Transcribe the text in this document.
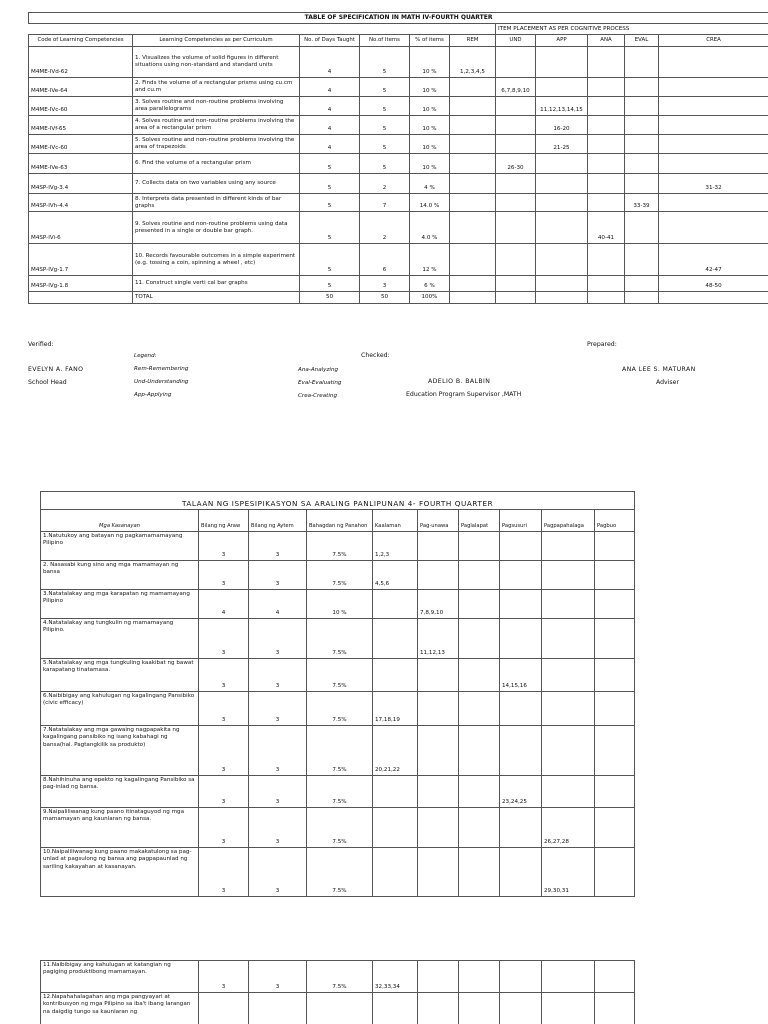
TABLE OF SPECIFICATION IN MATH IV-FOURTH QUARTER										
						ITEM PLACEMENT AS PER COGNITIVE PROCESS				
Code of Learning Competencies	Learning Competencies as per Curriculum	No. of Days Taught	No.of Items	% of items	REM	UND	APP	ANA	EVAL	CREA
M4ME-IVd-62	1. Visualizes the volume of solid figures in different situations using non-standard and standard units	4	5	10 %	1,2,3,4,5					
M4ME-IVe-64	2. Finds the volume of a rectangular prisms using cu.cm and cu.m	4	5	10 %		6,7,8,9,10				
M4ME-IVc-60	3. Solves routine and non-routine problems involving area parallelograms	4	5	10 %			11,12,13,14,15			
M4ME-IVf-65	4. Solves routine and non-routine problems involving the area of a rectangular prism	4	5	10 %			16-20			
M4ME-IVc-60	5. Solves routine and non-routine problems involving the area of trapezoids	4	5	10 %			21-25			
M4ME-IVe-63	6. Find the volume of a rectangular prism	5	5	10 %		26-30				
M4SP-IVg-3.4	7. Collects data on two variables using any source	5	2	4 %						31-32
M4SP-IVh-4.4	8. Interprets data presented in different kinds of bar graphs	5	7	14.0 %					33-39	
M4SP-IVi-6	9. Solves routine and non-routine problems using data presented in a single or double bar graph.	5	2	4.0 %				40-41		
M4SP-IVg-1.7	10. Records favourable outcomes in a simple experiment (e.g. tossing a coin, spinning a wheel , etc)	5	6	12 %						42-47
M4SP-IVg-1.8	11. Construct single verti cal bar graphs	5	3	6 %						48-50
	TOTAL	50	50	100%						
Verified:
Checked:
Prepared:
Legend:
Rem-Remembering
Und-Understanding
App-Applying
Ana-Analyzing
Eval-Evaluating
Crea-Creating
EVELYN A. FANO
School Head	ADELIO B. BALBIN
Education Program Supervisor ,MATH
ANA LEE S. MATURAN
Adviser
TALAAN NG ISPESIPIKASYON SA ARALING PANLIPUNAN 4- FOURTH QUARTER									
Mga Kasanayan	Bilang ng Araw	Bilang ng Aytem	Bahagdan ng Panahon	Kaalaman	Pag-unawa	Paglalapat	Pagsusuri	Pagpapahalaga	Pagbuo
1.Natutukoy ang batayan ng pagkamamamayang Pilipino	3	3	7.5%	1,2,3					
2. Nasasabi kung sino ang mga mamamayan ng bansa	3	3	7.5%	4,5,6					
3.Natatalakay ang mga karapatan ng mamamayang Pilipino	4	4	10 %		7,8,9,10				
4.Natatalakay ang tungkulin ng mamamayang Pilipino.	3	3	7.5%		11,12,13				
5.Natatalakay ang mga tungkuling kaakibat ng bawat karapatang tinatamasa.	3	3	7.5%				14,15,16		
6.Naibibigay ang kahulugan ng kagalingang Pansibiko (civic efficacy)	3	3	7.5%	17,18,19					
7.Natatalakay ang mga gawaing nagpapakita ng kagalingang pansibiko ng isang kabahagi ng bansa(hal. Pagtangkilik sa produkto)	3	3	7.5%	20,21,22					
8.Nahihinuha ang epekto ng kagalingang Pansibiko sa pag-inlad ng bansa.	3	3	7.5%				23,24,25		
9.Naipaliliwanag kung paano itinataguyod ng mga mamamayan ang kaunlaran ng bansa.	3	3	7.5%					26,27,28	
10.Naipaliliwanag kung paano makakatulong sa pag-unlad at pagsulong ng bansa ang pagpapaunlad ng sariling kakayahan at kasanayan.	3	3	7.5%					29,30,31	
11.Naibibigay ang kahulugan at katangian ng pagiging produktibong mamamayan.	3	3	7.5%	32,33,34					
12.Napahahalagahan ang mga pangyayari at kontribusyon ng mga Pilipino sa iba't ibang larangan na daigdig tungo sa kaunlaran ng									
